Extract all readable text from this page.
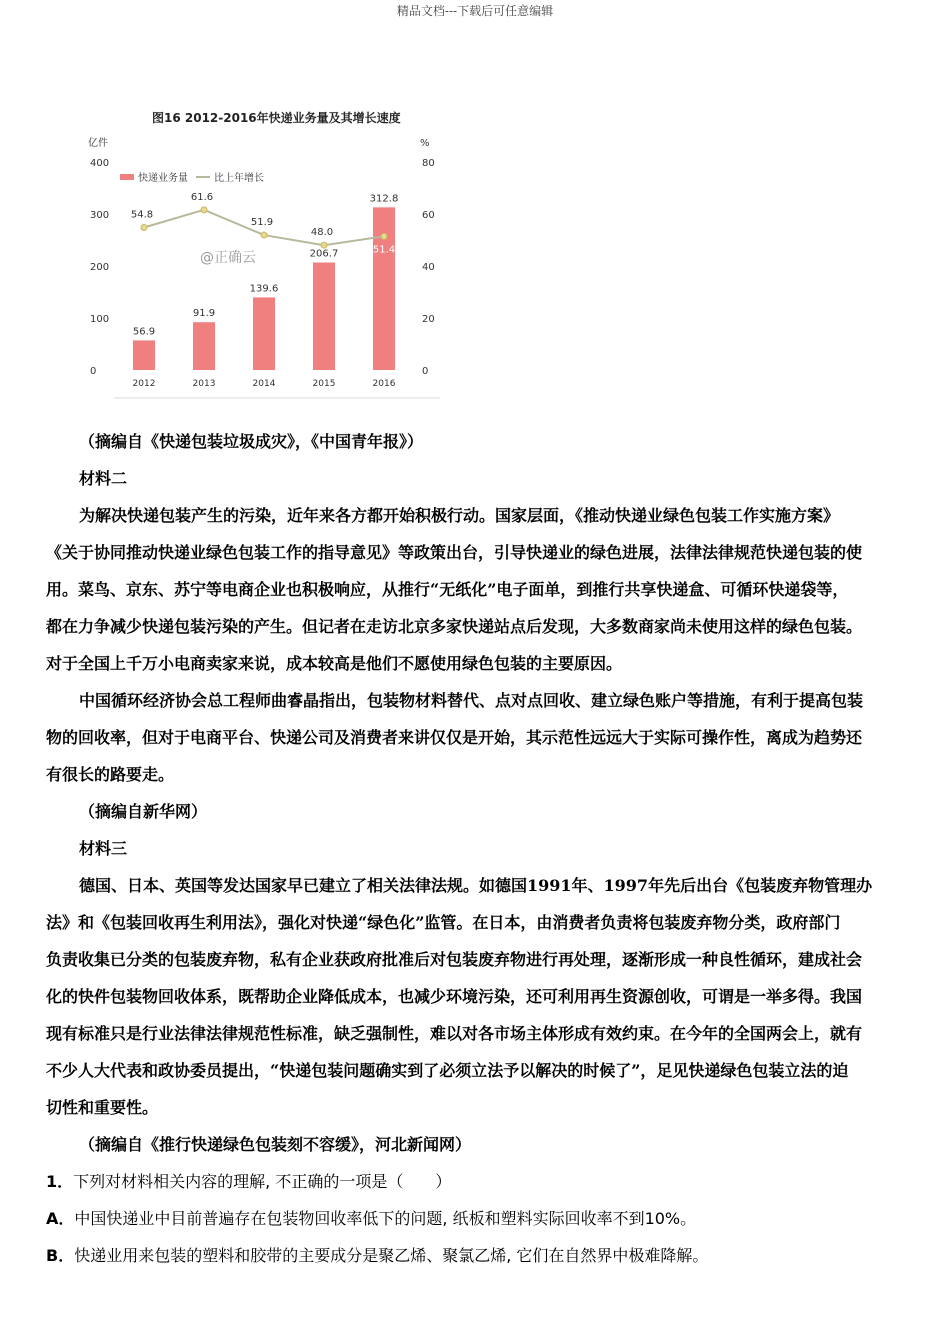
精品文档---下载后可任意编辑
图16 2012-2016年快递业务量及其增长速度
亿件	%
400
300
200
100
0
80
60
40
20
0
快递业务量	比上年增长
@正确云
56.9
91.9
139.6
206.7
312.8
54.8
61.6
51.9
48.0
51.4
2012	2013	2014	2015	2016
（摘编自《快递包装垃圾成灾》，《中国青年报》）
材料二
为解决快递包装产生的污染，近年来各方都开始积极行动。国家层面，《推动快递业绿色包装工作实施方案》
《关于协同推动快递业绿色包装工作的指导意见》等政策出台，引导快递业的绿色进展，法律法律规范快递包装的使
用。菜鸟、京东、苏宁等电商企业也积极响应，从推行“无纸化”电子面单，到推行共享快递盒、可循环快递袋等，
都在力争减少快递包装污染的产生。但记者在走访北京多家快递站点后发现，大多数商家尚未使用这样的绿色包装。
对于全国上千万小电商卖家来说，成本较高是他们不愿使用绿色包装的主要原因。
中国循环经济协会总工程师曲睿晶指出，包装物材料替代、点对点回收、建立绿色账户等措施，有利于提高包装
物的回收率，但对于电商平台、快递公司及消费者来讲仅仅是开始，其示范性远远大于实际可操作性，离成为趋势还
有很长的路要走。
（摘编自新华网）
材料三
德国、日本、英国等发达国家早已建立了相关法律法规。如德国1991年、1997年先后出台《包装废弃物管理办
法》和《包装回收再生利用法》，强化对快递“绿色化”监管。在日本，由消费者负责将包装废弃物分类，政府部门
负责收集已分类的包装废弃物，私有企业获政府批准后对包装废弃物进行再处理，逐渐形成一种良性循环，建成社会
化的快件包装物回收体系，既帮助企业降低成本，也减少环境污染，还可利用再生资源创收，可谓是一举多得。我国
现有标准只是行业法律法律规范性标准，缺乏强制性，难以对各市场主体形成有效约束。在今年的全国两会上，就有
不少人大代表和政协委员提出，“快递包装问题确实到了必须立法予以解决的时候了”，足见快递绿色包装立法的迫
切性和重要性。
（摘编自《推行快递绿色包装刻不容缓》，河北新闻网）
1．下列对材料相关内容的理解, 不正确的一项是（　　）
A．中国快递业中目前普遍存在包装物回收率低下的问题, 纸板和塑料实际回收率不到10%。
B．快递业用来包装的塑料和胶带的主要成分是聚乙烯、聚氯乙烯, 它们在自然界中极难降解。
